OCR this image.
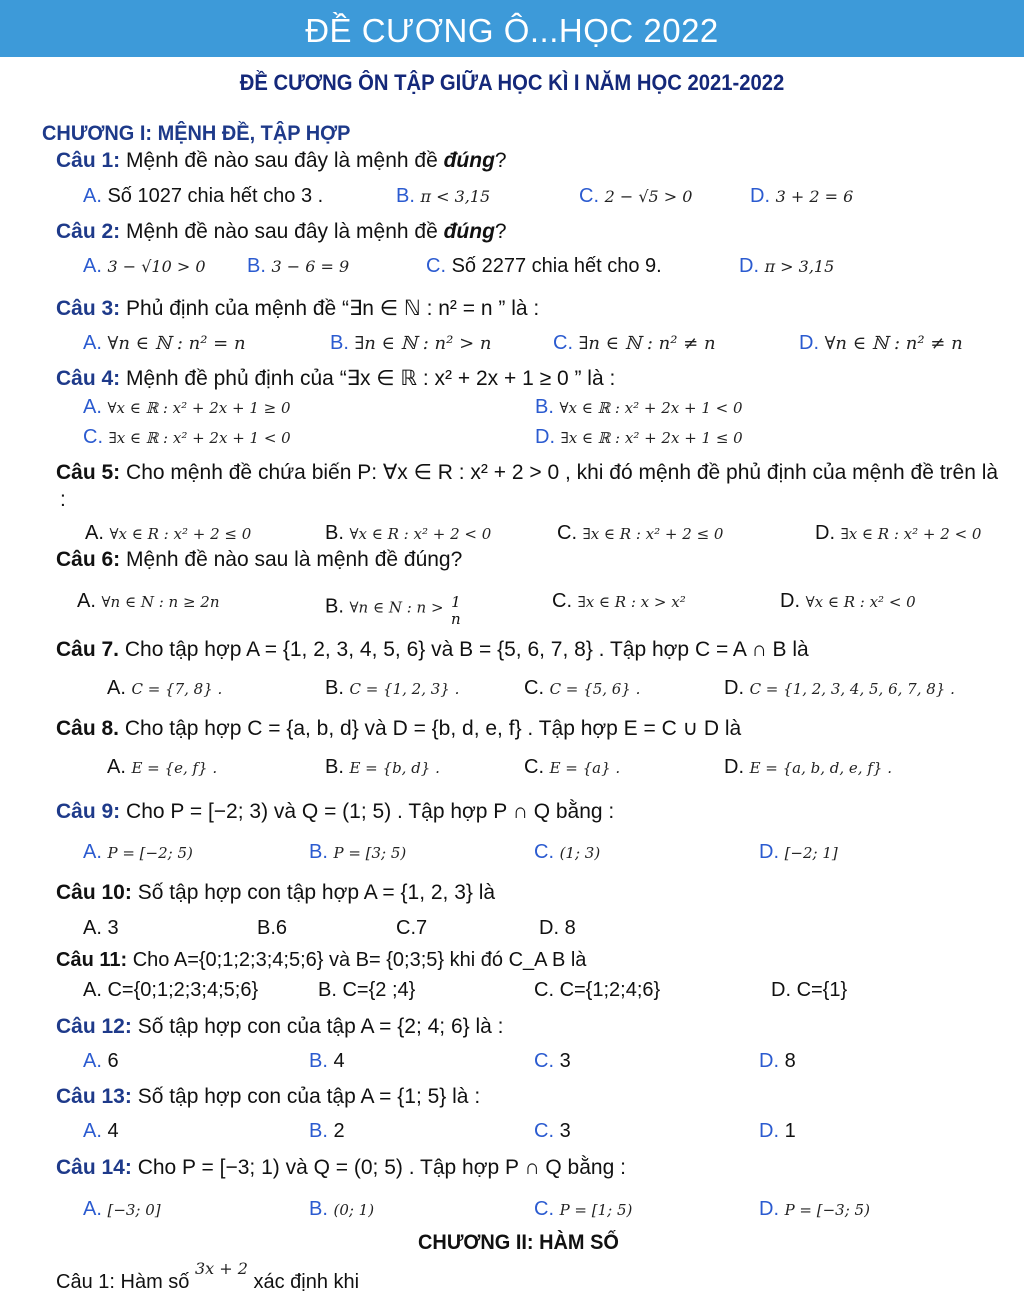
ĐỀ CƯƠNG Ô...HỌC 2022
ĐỀ CƯƠNG ÔN TẬP GIỮA HỌC KÌ I NĂM HỌC 2021-2022
CHƯƠNG I: MỆNH ĐỀ, TẬP HỢP
Câu 1: Mệnh đề nào sau đây là mệnh đề đúng?
A. Số 1027 chia hết cho 3 .	B. π < 3,15	C. 2 − √5 > 0	D. 3 + 2 = 6
Câu 2: Mệnh đề nào sau đây là mệnh đề đúng?
A. 3 − √10 > 0 B. 3 − 6 = 9	C. Số 2277 chia hết cho 9.	D. π > 3,15
Câu 3: Phủ định của mệnh đề “∃n ∈ ℕ : n² = n ” là :
A. ∀n ∈ ℕ : n² = n	B. ∃n ∈ ℕ : n² > n	C. ∃n ∈ ℕ : n² ≠ n	D. ∀n ∈ ℕ : n² ≠ n
Câu 4: Mệnh đề phủ định của “∃x ∈ ℝ : x² + 2x + 1 ≥ 0 ” là :
A. ∀x ∈ ℝ : x² + 2x + 1 ≥ 0	B. ∀x ∈ ℝ : x² + 2x + 1 < 0
C. ∃x ∈ ℝ : x² + 2x + 1 < 0	D. ∃x ∈ ℝ : x² + 2x + 1 ≤ 0
Câu 5: Cho mệnh đề chứa biến P: ∀x ∈ R : x² + 2 > 0 , khi đó mệnh đề phủ định của mệnh đề trên là
:
A. ∀x ∈ R : x² + 2 ≤ 0	B. ∀x ∈ R : x² + 2 < 0	C. ∃x ∈ R : x² + 2 ≤ 0	D. ∃x ∈ R : x² + 2 < 0
Câu 6: Mệnh đề nào sau là mệnh đề đúng?
A. ∀n ∈ N : n ≥ 2n	B. ∀n ∈ N : n > 1
n
C. ∃x ∈ R : x > x²	D. ∀x ∈ R : x² < 0
Câu 7. Cho tập hợp A = {1, 2, 3, 4, 5, 6} và B = {5, 6, 7, 8} . Tập hợp C = A ∩ B là
A. C = {7, 8} .	B. C = {1, 2, 3} .	C. C = {5, 6} .	D. C = {1, 2, 3, 4, 5, 6, 7, 8} .
Câu 8. Cho tập hợp C = {a, b, d} và D = {b, d, e, f} . Tập hợp E = C ∪ D là
A. E = {e, f} .	B. E = {b, d} .	C. E = {a} .	D. E = {a, b, d, e, f} .
Câu 9: Cho P = [−2; 3) và Q = (1; 5) . Tập hợp P ∩ Q bằng :
A. P = [−2; 5)	B. P = [3; 5)	C. (1; 3)	D. [−2; 1]
Câu 10: Số tập hợp con tập hợp A = {1, 2, 3} là
A. 3	B.6	C.7	D. 8
Câu 11: Cho A={0;1;2;3;4;5;6} và B= {0;3;5} khi đó C_A B là
A. C={0;1;2;3;4;5;6}	B. C={2 ;4}	C. C={1;2;4;6}	D. C={1}
Câu 12: Số tập hợp con của tập A = {2; 4; 6} là :
A. 6	B. 4	C. 3	D. 8
Câu 13: Số tập hợp con của tập A = {1; 5} là :
A. 4	B. 2	C. 3	D. 1
Câu 14: Cho P = [−3; 1) và Q = (0; 5) . Tập hợp P ∩ Q bằng :
A. [−3; 0]	B. (0; 1)	C. P = [1; 5)	D. P = [−3; 5)
CHƯƠNG II: HÀM SỐ
Câu 1: Hàm số $^{3x + 2}$ xác định khi
